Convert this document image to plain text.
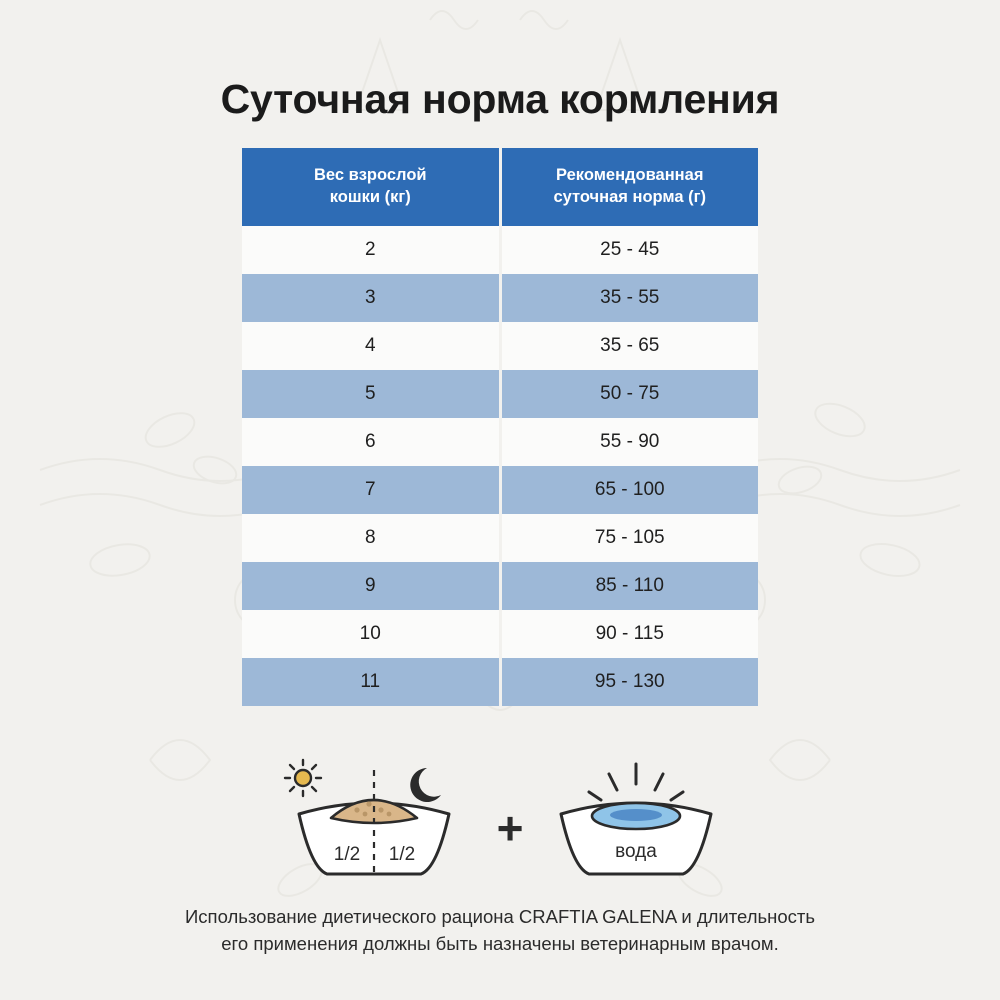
Суточная норма кормления
Вес взрослой
кошки (кг)

Рекомендованная
суточная норма (г)

2	25 - 45
3	35 - 55
4	35 - 65
5	50 - 75
6	55 - 90
7	65 - 100
8	75 - 105
9	85 - 110
10	90 - 115
11	95 - 130
1/2 1/2
+	вода
Использование диетического рациона CRAFTIA GALENA и длительность
его применения должны быть назначены ветеринарным врачом.
